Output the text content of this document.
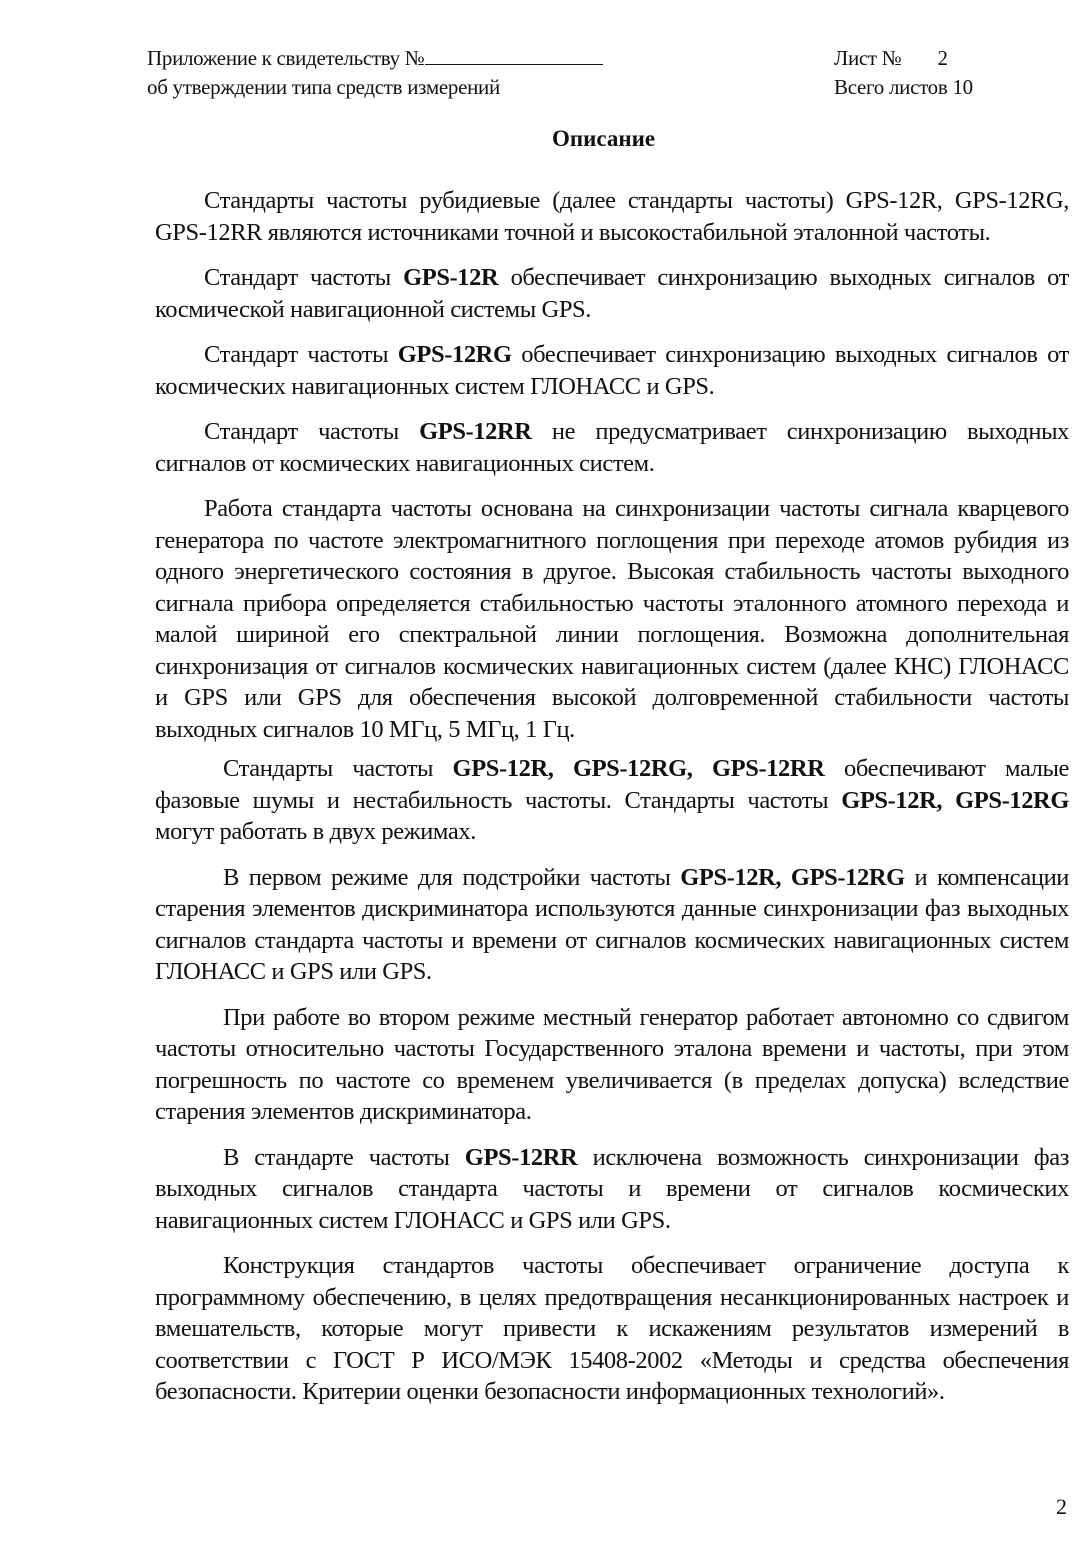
Приложение к свидетельству №
об утверждении типа средств измерений
Лист № 2
Всего листов 10
Описание

Стандарты частоты рубидиевые (далее стандарты частоты) GPS-12R, GPS-12RG, GPS-12RR являются источниками точной и высокостабильной эталонной частоты.

Стандарт частоты GPS-12R обеспечивает синхронизацию выходных сигналов от космической навигационной системы GPS.

Стандарт частоты GPS-12RG обеспечивает синхронизацию выходных сигналов от космических навигационных систем ГЛОНАСС и GPS.

Стандарт частоты GPS-12RR не предусматривает синхронизацию выходных сигналов от космических навигационных систем.

Работа стандарта частоты основана на синхронизации частоты сигнала кварцевого генератора по частоте электромагнитного поглощения при переходе атомов рубидия из одного энергетического состояния в другое. Высокая стабильность частоты выходного сигнала прибора определяется стабильностью частоты эталонного атомного перехода и малой шириной его спектральной линии поглощения. Возможна дополнительная синхронизация от сигналов космических навигационных систем (далее КНС) ГЛОНАСС и GPS или GPS для обеспечения высокой долговременной стабильности частоты выходных сигналов 10 МГц, 5 МГц, 1 Гц.

Стандарты частоты GPS-12R, GPS-12RG, GPS-12RR обеспечивают малые фазовые шумы и нестабильность частоты. Стандарты частоты GPS-12R, GPS-12RG могут работать в двух режимах.

В первом режиме для подстройки частоты GPS-12R, GPS-12RG и компенсации старения элементов дискриминатора используются данные синхронизации фаз выходных сигналов стандарта частоты и времени от сигналов космических навигационных систем ГЛОНАСС и GPS или GPS.

При работе во втором режиме местный генератор работает автономно со сдвигом частоты относительно частоты Государственного эталона времени и частоты, при этом погрешность по частоте со временем увеличивается (в пределах допуска) вследствие старения элементов дискриминатора.

В стандарте частоты GPS-12RR исключена возможность синхронизации фаз выходных сигналов стандарта частоты и времени от сигналов космических навигационных систем ГЛОНАСС и GPS или GPS.

Конструкция стандартов частоты обеспечивает ограничение доступа к программному обеспечению, в целях предотвращения несанкционированных настроек и вмешательств, которые могут привести к искажениям результатов измерений в соответствии с ГОСТ Р ИСО/МЭК 15408-2002 «Методы и средства обеспечения безопасности. Критерии оценки безопасности информационных технологий».

2
